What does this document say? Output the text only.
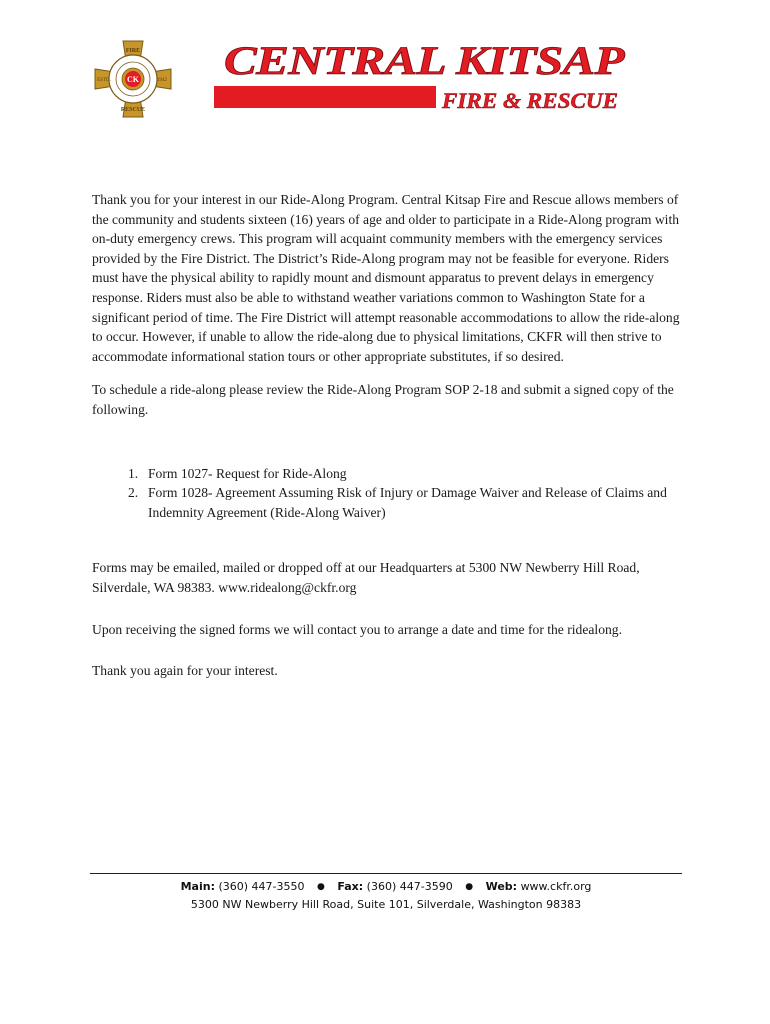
CK
FIRE
RESCUE
ESTD.	1942 CENTRAL KITSAP
FIRE & RESCUE

Thank you for your interest in our Ride-Along Program. Central Kitsap Fire and Rescue allows members of the community and students sixteen (16) years of age and older to participate in a Ride-Along program with on-duty emergency crews. This program will acquaint community members with the emergency services provided by the Fire District. The District’s Ride-Along program may not be feasible for everyone. Riders must have the physical ability to rapidly mount and dismount apparatus to prevent delays in emergency response. Riders must also be able to withstand weather variations common to Washington State for a significant period of time. The Fire District will attempt reasonable accommodations to allow the ride-along to occur. However, if unable to allow the ride-along due to physical limitations, CKFR will then strive to accommodate informational station tours or other appropriate substitutes, if so desired.

To schedule a ride-along please review the Ride-Along Program SOP 2-18 and submit a signed copy of the following.

1. Form 1027- Request for Ride-Along
2. Form 1028- Agreement Assuming Risk of Injury or Damage Waiver and Release of Claims and Indemnity Agreement (Ride-Along Waiver)

Forms may be emailed, mailed or dropped off at our Headquarters at 5300 NW Newberry Hill Road, Silverdale, WA 98383. www.ridealong@ckfr.org

Upon receiving the signed forms we will contact you to arrange a date and time for the ridealong.

Thank you again for your interest.

Main: (360) 447-3550 ● Fax: (360) 447-3590 ● Web: www.ckfr.org
5300 NW Newberry Hill Road, Suite 101, Silverdale, Washington 98383
